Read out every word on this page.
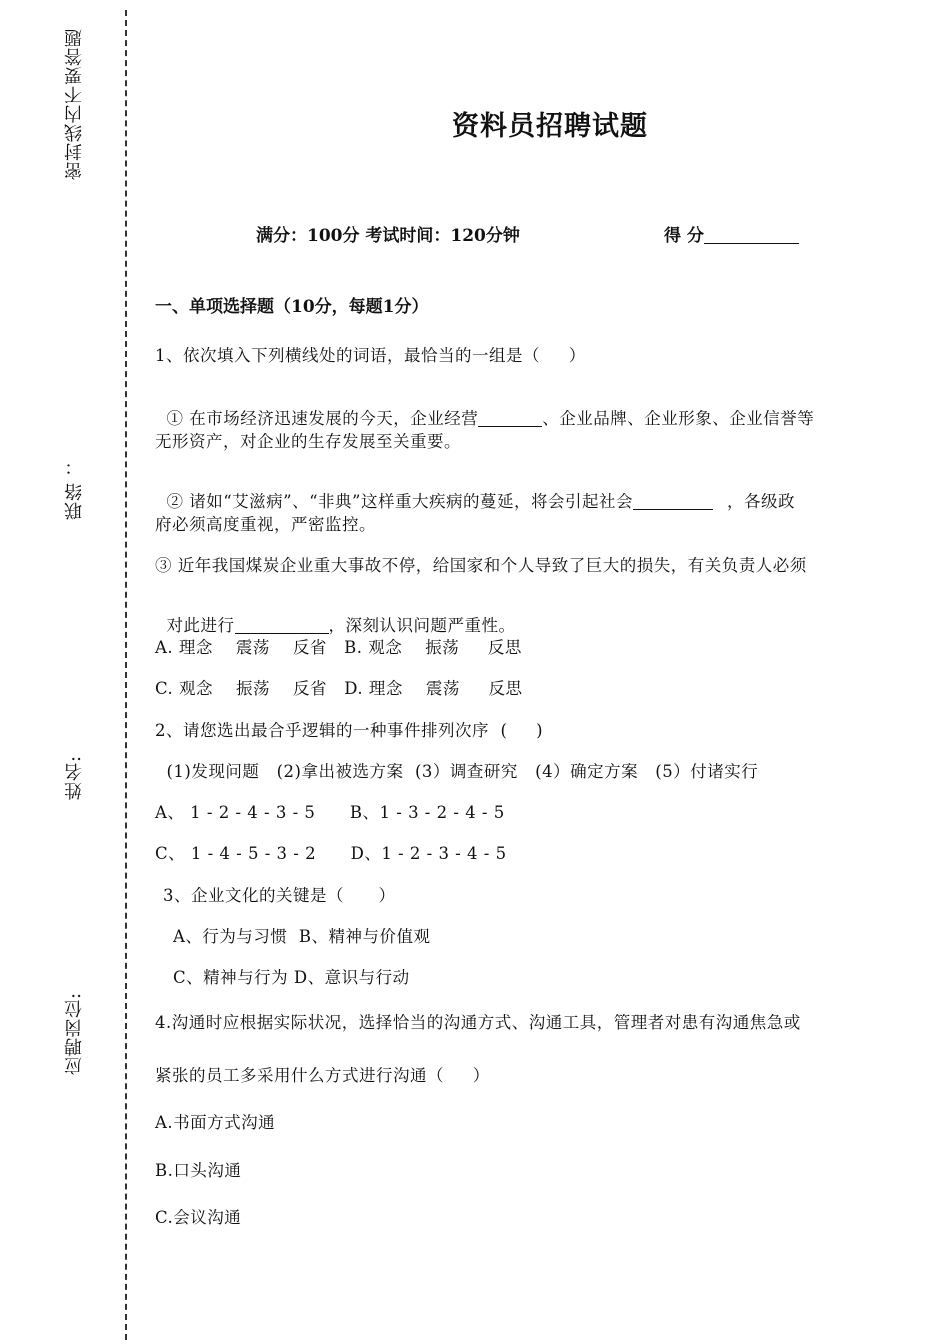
密封线内不要答题
联络 ：
姓名:
应聘岗位:
资料员招聘试题
满分：100分 考试时间：120分钟	得 分
一、单项选择题（10分，每题1分）
1、依次填入下列横线处的词语，最恰当的一组是（     ）

① 在市场经济迅速发展的今天，企业经营	、企业品牌、企业形象、企业信誉等

无形资产，对企业的生存发展至关重要。

② 诸如“艾滋病”、“非典”这样重大疾病的蔓延，将会引起社会	，各级政

府必须高度重视，严密监控。
③ 近年我国煤炭企业重大事故不停，给国家和个人导致了巨大的损失，有关负责人必须

对此进行	，深刻认识问题严重性。

A. 理念    震荡    反省   B. 观念    振荡     反思
C. 观念    振荡    反省   D. 理念    震荡     反思
2、请您选出最合乎逻辑的一种事件排列次序  (     )
(1)发现问题   (2)拿出被选方案  (3）调查研究   (4）确定方案   (5）付诸实行
A、 1 - 2 - 4 - 3 - 5      B、1 - 3 - 2 - 4 - 5
C、 1 - 4 - 5 - 3 - 2      D、1 - 2 - 3 - 4 - 5
3、企业文化的关键是（      ）
A、行为与习惯  B、精神与价值观
C、精神与行为 D、意识与行动
4.沟通时应根据实际状况，选择恰当的沟通方式、沟通工具，管理者对患有沟通焦急或
紧张的员工多采用什么方式进行沟通（     ）
A.书面方式沟通
B.口头沟通
C.会议沟通
